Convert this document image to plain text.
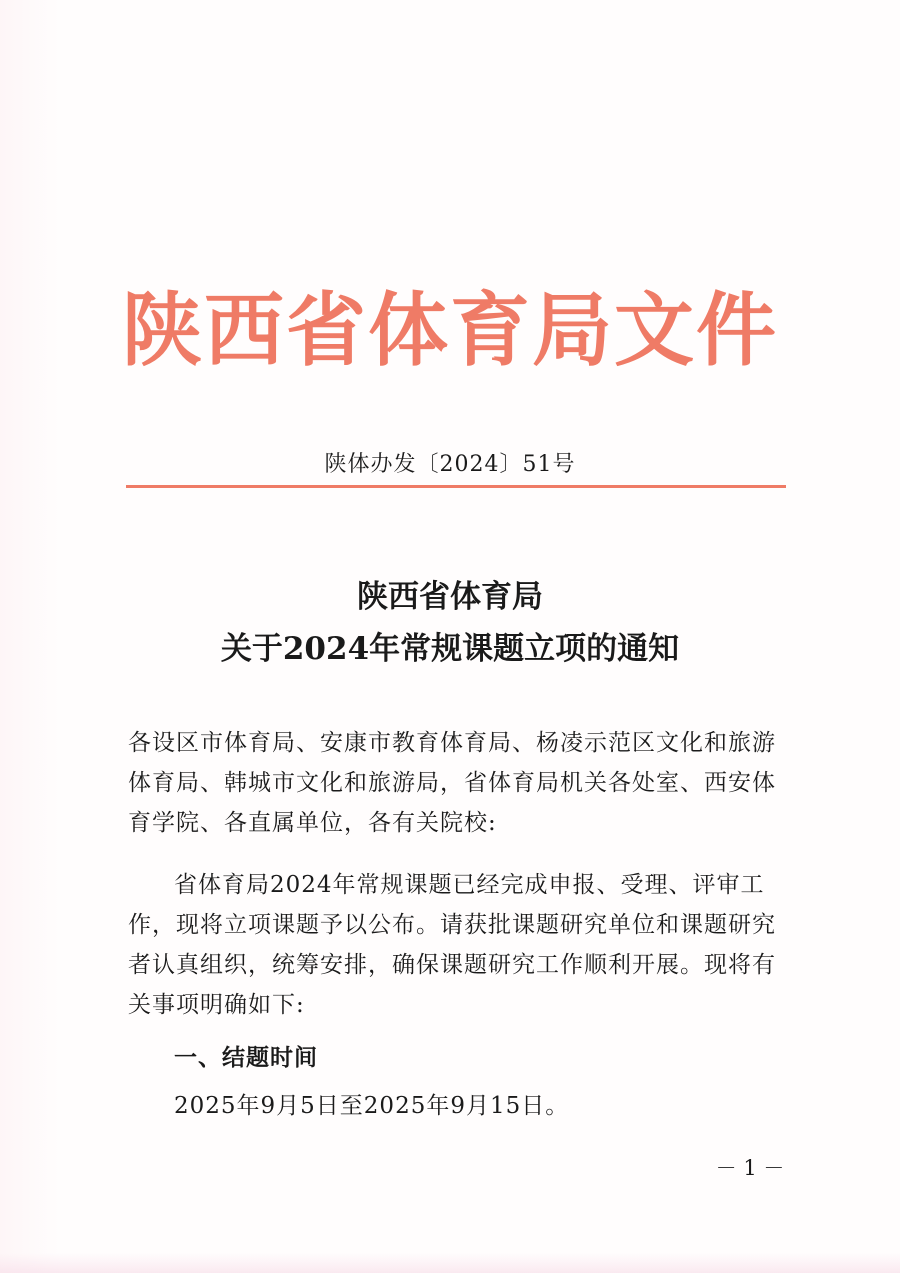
陕西省体育局文件
陕体办发〔2024〕51号
陕西省体育局
关于2024年常规课题立项的通知
各设区市体育局、安康市教育体育局、杨凌示范区文化和旅游体育局、韩城市文化和旅游局，省体育局机关各处室、西安体育学院、各直属单位，各有关院校:
省体育局2024年常规课题已经完成申报、受理、评审工作，现将立项课题予以公布。请获批课题研究单位和课题研究者认真组织，统筹安排，确保课题研究工作顺利开展。现将有关事项明确如下:
一、结题时间
2025年9月5日至2025年9月15日。
－ 1 －
